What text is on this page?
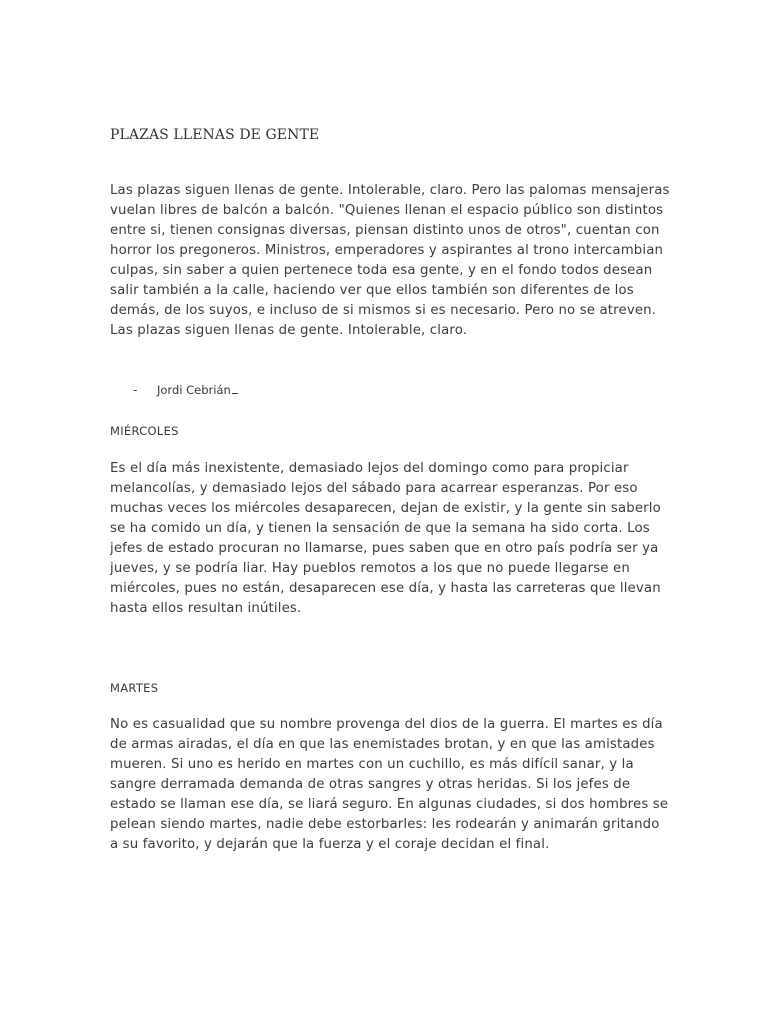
PLAZAS LLENAS DE GENTE

Las plazas siguen llenas de gente. Intolerable, claro. Pero las palomas mensajeras vuelan libres de balcón a balcón. "Quienes llenan el espacio público son distintos entre si, tienen consignas diversas, piensan distinto unos de otros", cuentan con horror los pregoneros. Ministros, emperadores y aspirantes al trono intercambian culpas, sin saber a quien pertenece toda esa gente, y en el fondo todos desean salir también a la calle, haciendo ver que ellos también son diferentes de los demás, de los suyos, e incluso de si mismos si es necesario. Pero no se atreven. Las plazas siguen llenas de gente. Intolerable, claro.

-	Jordi Cebrián
MIÉRCOLES

Es el día más inexistente, demasiado lejos del domingo como para propiciar melancolías, y demasiado lejos del sábado para acarrear esperanzas. Por eso muchas veces los miércoles desaparecen, dejan de existir, y la gente sin saberlo se ha comido un día, y tienen la sensación de que la semana ha sido corta. Los jefes de estado procuran no llamarse, pues saben que en otro país podría ser ya jueves, y se podría liar. Hay pueblos remotos a los que no puede llegarse en miércoles, pues no están, desaparecen ese día, y hasta las carreteras que llevan hasta ellos resultan inútiles.

MARTES

No es casualidad que su nombre provenga del dios de la guerra. El martes es día de armas airadas, el día en que las enemistades brotan, y en que las amistades mueren. Si uno es herido en martes con un cuchillo, es más difícil sanar, y la sangre derramada demanda de otras sangres y otras heridas. Si los jefes de estado se llaman ese día, se liará seguro. En algunas ciudades, si dos hombres se pelean siendo martes, nadie debe estorbarles: les rodearán y animarán gritando a su favorito, y dejarán que la fuerza y el coraje decidan el final.
